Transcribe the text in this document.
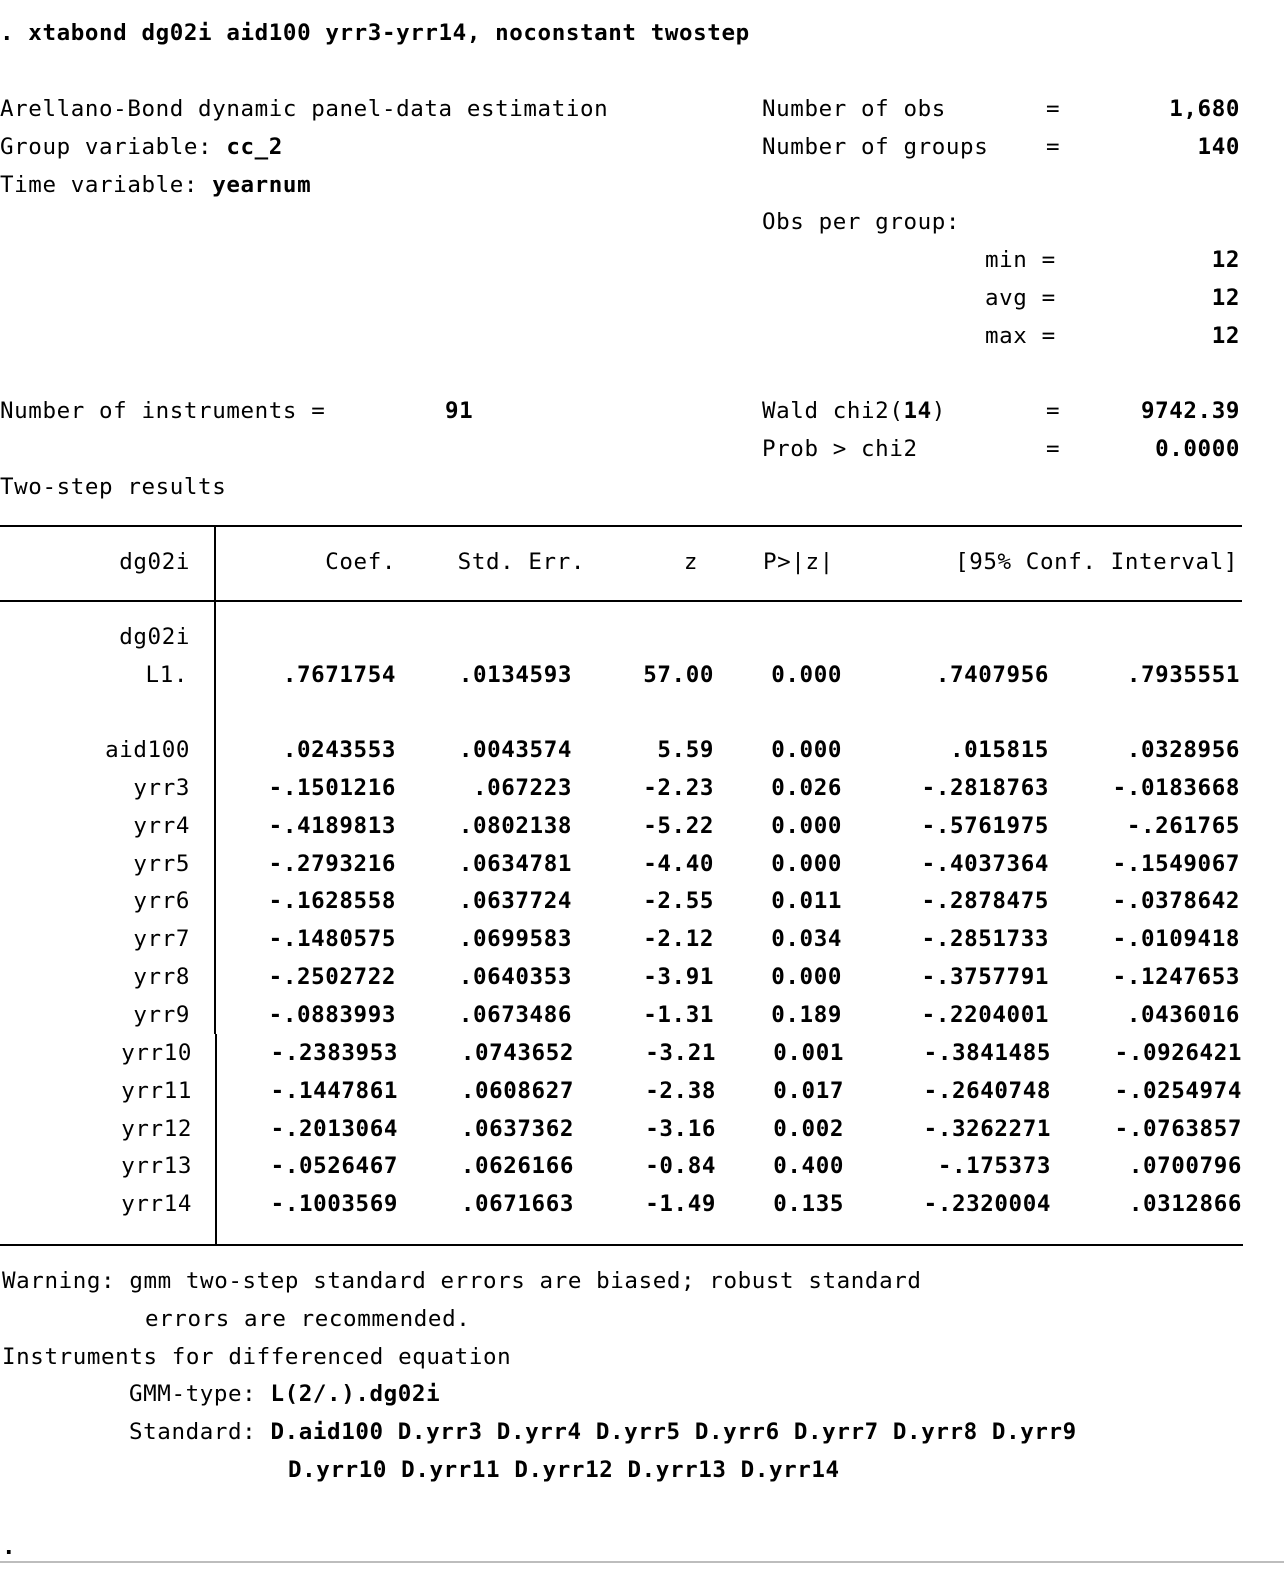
. xtabond dg02i aid100 yrr3-yrr14, noconstant twostep
Arellano-Bond dynamic panel-data estimation
Group variable: cc_2
Time variable: yearnum
Number of obs	=	1,680
Number of groups	=	140
Obs per group:
min =	12
avg =	12
max =	12
Number of instruments =	91	Wald chi2(14)	=	9742.39
Prob > chi2	=	0.0000
Two-step results
dg02i	Coef.	Std. Err.	z	P>|z|	[95% Conf. Interval]
dg02i
L1.	.7671754	.0134593	57.00	0.000	.7407956	.7935551
aid100	.0243553	.0043574	5.59	0.000	.015815	.0328956
yrr3	-.1501216	.067223	-2.23	0.026	-.2818763	-.0183668
yrr4	-.4189813	.0802138	-5.22	0.000	-.5761975	-.261765
yrr5	-.2793216	.0634781	-4.40	0.000	-.4037364	-.1549067
yrr6	-.1628558	.0637724	-2.55	0.011	-.2878475	-.0378642
yrr7	-.1480575	.0699583	-2.12	0.034	-.2851733	-.0109418
yrr8	-.2502722	.0640353	-3.91	0.000	-.3757791	-.1247653
yrr9	-.0883993	.0673486	-1.31	0.189	-.2204001	.0436016
yrr10	-.2383953	.0743652	-3.21	0.001	-.3841485	-.0926421
yrr11	-.1447861	.0608627	-2.38	0.017	-.2640748	-.0254974
yrr12	-.2013064	.0637362	-3.16	0.002	-.3262271	-.0763857
yrr13	-.0526467	.0626166	-0.84	0.400	-.175373	.0700796
yrr14	-.1003569	.0671663	-1.49	0.135	-.2320004	.0312866
Warning: gmm two-step standard errors are biased; robust standard
errors are recommended.
Instruments for differenced equation
GMM-type: L(2/.).dg02i
Standard: D.aid100 D.yrr3 D.yrr4 D.yrr5 D.yrr6 D.yrr7 D.yrr8 D.yrr9
D.yrr10 D.yrr11 D.yrr12 D.yrr13 D.yrr14
.
